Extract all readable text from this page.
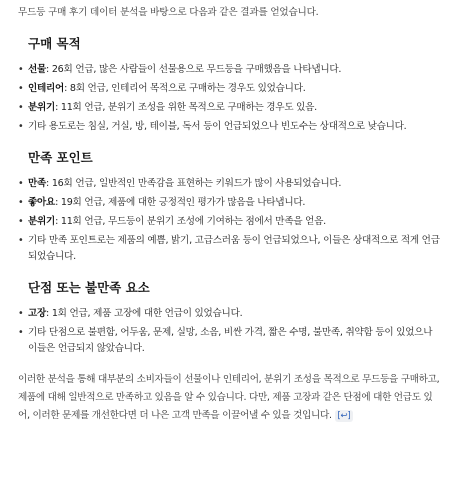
무드등 구매 후기 데이터 분석을 바탕으로 다음과 같은 결과를 얻었습니다.

구매 목적
• 선물: 26회 언급, 많은 사람들이 선물용으로 무드등을 구매했음을 나타냅니다.
• 인테리어: 8회 언급, 인테리어 목적으로 구매하는 경우도 있었습니다.
• 분위기: 11회 언급, 분위기 조성을 위한 목적으로 구매하는 경우도 있음.
• 기타 용도로는 침실, 거실, 방, 테이블, 독서 등이 언급되었으나 빈도수는 상대적으로 낮습니다.
만족 포인트
• 만족: 16회 언급, 일반적인 만족감을 표현하는 키워드가 많이 사용되었습니다.
• 좋아요: 19회 언급, 제품에 대한 긍정적인 평가가 많음을 나타냅니다.
• 분위기: 11회 언급, 무드등이 분위기 조성에 기여하는 점에서 만족을 얻음.
• 기타 만족 포인트로는 제품의 예쁨, 밝기, 고급스러움 등이 언급되었으나, 이들은 상대적으로 적게 언급되었습니다.
단점 또는 불만족 요소
• 고장: 1회 언급, 제품 고장에 대한 언급이 있었습니다.
• 기타 단점으로 불편함, 어두움, 문제, 실망, 소음, 비싼 가격, 짧은 수명, 불만족, 취약함 등이 있었으나 이들은 언급되지 않았습니다.

이러한 분석을 통해 대부분의 소비자들이 선물이나 인테리어, 분위기 조성을 목적으로 무드등을 구매하고, 제품에 대해 일반적으로 만족하고 있음을 알 수 있습니다. 다만, 제품 고장과 같은 단점에 대한 언급도 있어, 이러한 문제를 개선한다면 더 나은 고객 만족을 이끌어낼 수 있을 것입니다. [↩]
